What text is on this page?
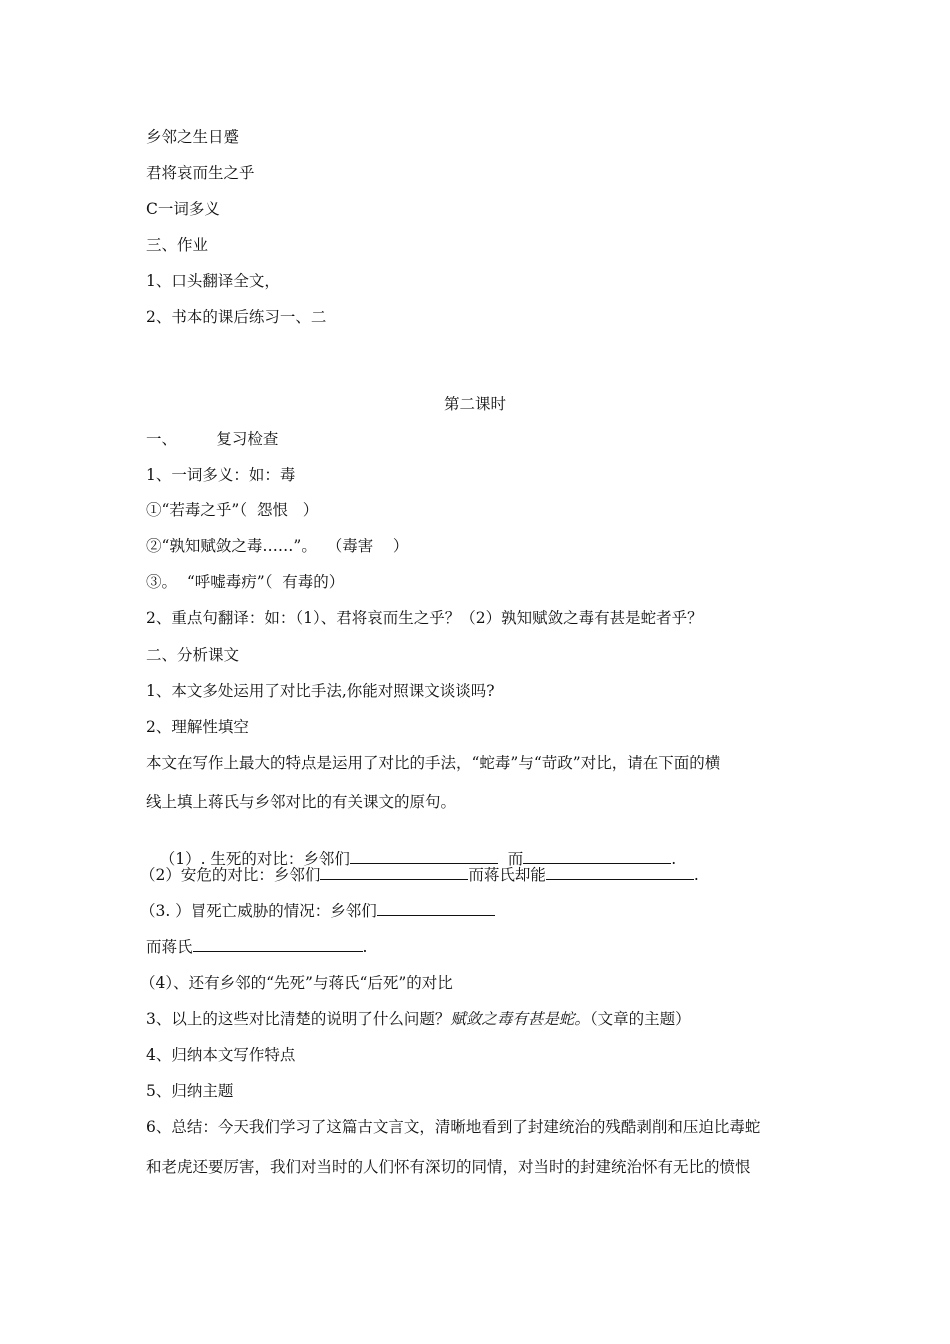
乡邻之生日蹙
君将哀而生之乎
C一词多义
三、作业
1、口头翻译全文，
2、书本的课后练习一、二
第二课时
一、        复习检查
1、一词多义：如：毒
①“若毒之乎”（  怨恨   ）
②“孰知赋敛之毒……”。  （毒害    ）
③。  “呼嘘毒疠”（  有毒的）
2、重点句翻译：如：（1）、君将哀而生之乎？（2）孰知赋敛之毒有甚是蛇者乎？
二、分析课文
1、本文多处运用了对比手法,你能对照课文谈谈吗?
2、理解性填空
本文在写作上最大的特点是运用了对比的手法，“蛇毒”与“苛政”对比，请在下面的横
线上填上蒋氏与乡邻对比的有关课文的原句。

（1）. 生死的对比：乡邻们	而	.

（2）安危的对比：乡邻们	而蒋氏却能	.
（3. ）冒死亡威胁的情况：乡邻们
而蒋氏	.
（4）、还有乡邻的“先死”与蒋氏“后死”的对比
3、以上的这些对比清楚的说明了什么问题？赋敛之毒有甚是蛇。（文章的主题）
4、归纳本文写作特点
5、归纳主题
6、总结：今天我们学习了这篇古文言文，清晰地看到了封建统治的残酷剥削和压迫比毒蛇
和老虎还要厉害，我们对当时的人们怀有深切的同情，对当时的封建统治怀有无比的愤恨
